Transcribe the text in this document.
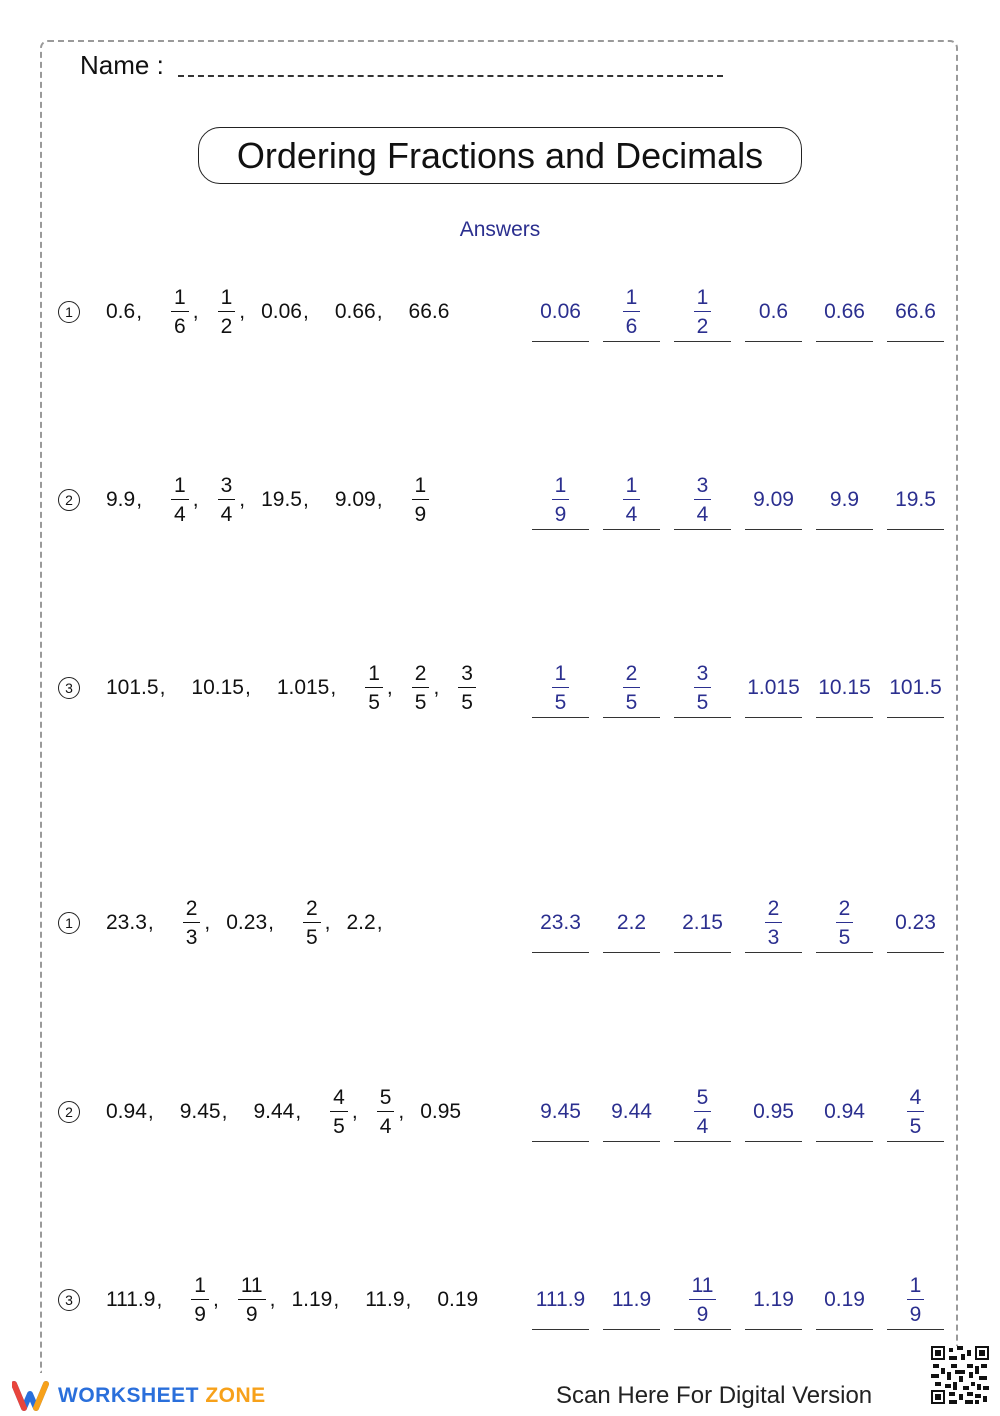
Name :
Ordering Fractions and Decimals
Answers
1	0.6 , $\frac{1}{6}$ , $\frac{1}{2}$ , 0.06 , 0.66 , 66.6	$0.06 \frac{1}{6} \frac{1}{2} 0.6$ 0.66 66.6
2	9.9 , $\frac{1}{4}$ , $\frac{3}{4}$ , 19.5 , 9.09 , $\frac{1}{9}$	$\frac{1}{9} \frac{1}{4} \frac{3}{4} 9.09$ 9.9 19.5
3	101.5 , 10.15 , 1.015 , $\frac{1}{5}$ , $\frac{2}{5}$ , $\frac{3}{5}$	$\frac{1}{5} \frac{2}{5} \frac{3}{5} 1.015$ 10.15 101.5
1	23.3 , $\frac{2}{3}$ , 0.23 , $\frac{2}{5}$ , 2.2 ,	23.3 2.2 $2.15 \frac{2}{3} \frac{2}{5} 0.23$
2	0.94 , 9.45 , 9.44 , $\frac{4}{5}$ , $\frac{5}{4}$ , 0.95	9.45 $9.44 \frac{5}{4} 0.95$ $0.94 \frac{4}{5}$
3	111.9 , $\frac{1}{9}$ , $\frac{11}{9}$ , 1.19 , 11.9 , 0.19	111.9 $11.9 \frac{11}{9} 1.19$ $0.19 \frac{1}{9}$
WORKSHEET ZONE	Scan Here For Digital Version
